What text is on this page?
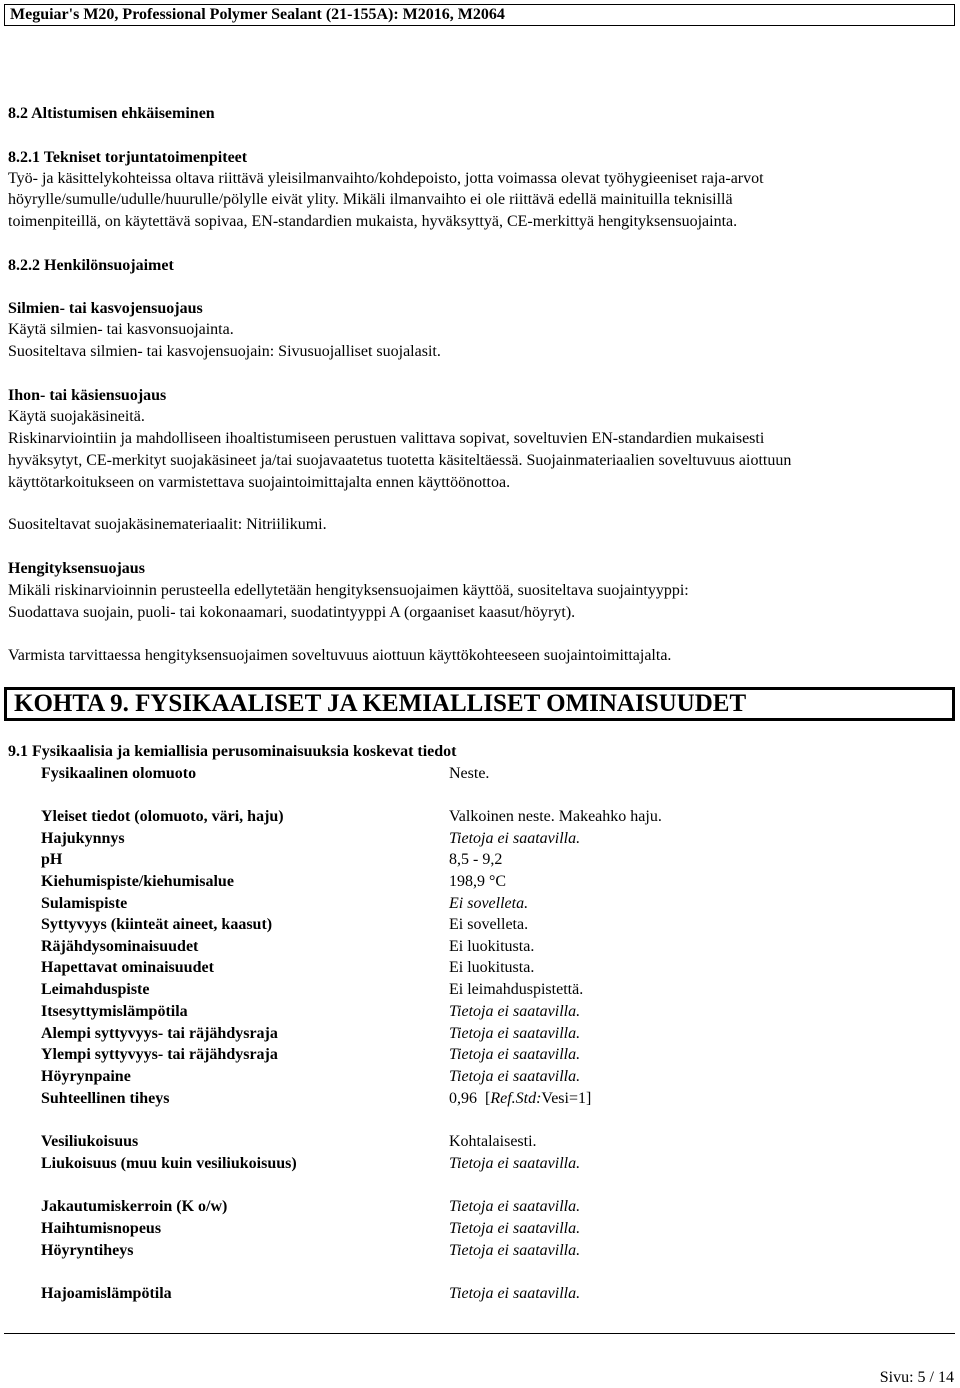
Meguiar's M20, Professional Polymer Sealant (21-155A): M2016, M2064
8.2 Altistumisen ehkäiseminen
8.2.1 Tekniset torjuntatoimenpiteet
Työ- ja käsittelykohteissa oltava riittävä yleisilmanvaihto/kohdepoisto, jotta voimassa olevat työhygieeniset raja-arvot
höyrylle/sumulle/udulle/huurulle/pölylle eivät ylity. Mikäli ilmanvaihto ei ole riittävä edellä mainituilla teknisillä
toimenpiteillä, on käytettävä sopivaa, EN-standardien mukaista, hyväksyttyä, CE-merkittyä hengityksensuojainta.
8.2.2 Henkilönsuojaimet
Silmien- tai kasvojensuojaus
Käytä silmien- tai kasvonsuojainta.
Suositeltava silmien- tai kasvojensuojain: Sivusuojalliset suojalasit.
Ihon- tai käsiensuojaus
Käytä suojakäsineitä.
Riskinarviointiin ja mahdolliseen ihoaltistumiseen perustuen valittava sopivat, soveltuvien EN-standardien mukaisesti
hyväksytyt, CE-merkityt suojakäsineet ja/tai suojavaatetus tuotetta käsiteltäessä. Suojainmateriaalien soveltuvuus aiottuun
käyttötarkoitukseen on varmistettava suojaintoimittajalta ennen käyttöönottoa.
Suositeltavat suojakäsinemateriaalit: Nitriilikumi.
Hengityksensuojaus
Mikäli riskinarvioinnin perusteella edellytetään hengityksensuojaimen käyttöä, suositeltava suojaintyyppi:
Suodattava suojain, puoli- tai kokonaamari, suodatintyyppi A (orgaaniset kaasut/höyryt).
Varmista tarvittaessa hengityksensuojaimen soveltuvuus aiottuun käyttökohteeseen suojaintoimittajalta.
KOHTA 9. FYSIKAALISET JA KEMIALLISET OMINAISUUDET
9.1 Fysikaalisia ja kemiallisia perusominaisuuksia koskevat tiedot
Fysikaalinen olomuoto	Neste.
Yleiset tiedot (olomuoto, väri, haju)	Valkoinen neste. Makeahko haju.
Hajukynnys	Tietoja ei saatavilla.
pH	8,5 - 9,2
Kiehumispiste/kiehumisalue	198,9 °C
Sulamispiste	Ei sovelleta.
Syttyvyys (kiinteät aineet, kaasut)	Ei sovelleta.
Räjähdysominaisuudet	Ei luokitusta.
Hapettavat ominaisuudet	Ei luokitusta.
Leimahduspiste	Ei leimahduspistettä.
Itsesyttymislämpötila	Tietoja ei saatavilla.
Alempi syttyvyys- tai räjähdysraja	Tietoja ei saatavilla.
Ylempi syttyvyys- tai räjähdysraja	Tietoja ei saatavilla.
Höyrynpaine	Tietoja ei saatavilla.
Suhteellinen tiheys	0,96 [Ref.Std:Vesi=1]
Vesiliukoisuus	Kohtalaisesti.
Liukoisuus (muu kuin vesiliukoisuus)	Tietoja ei saatavilla.
Jakautumiskerroin (K o/w)	Tietoja ei saatavilla.
Haihtumisnopeus	Tietoja ei saatavilla.
Höyryntiheys	Tietoja ei saatavilla.
Hajoamislämpötila	Tietoja ei saatavilla.
Sivu: 5 / 14
